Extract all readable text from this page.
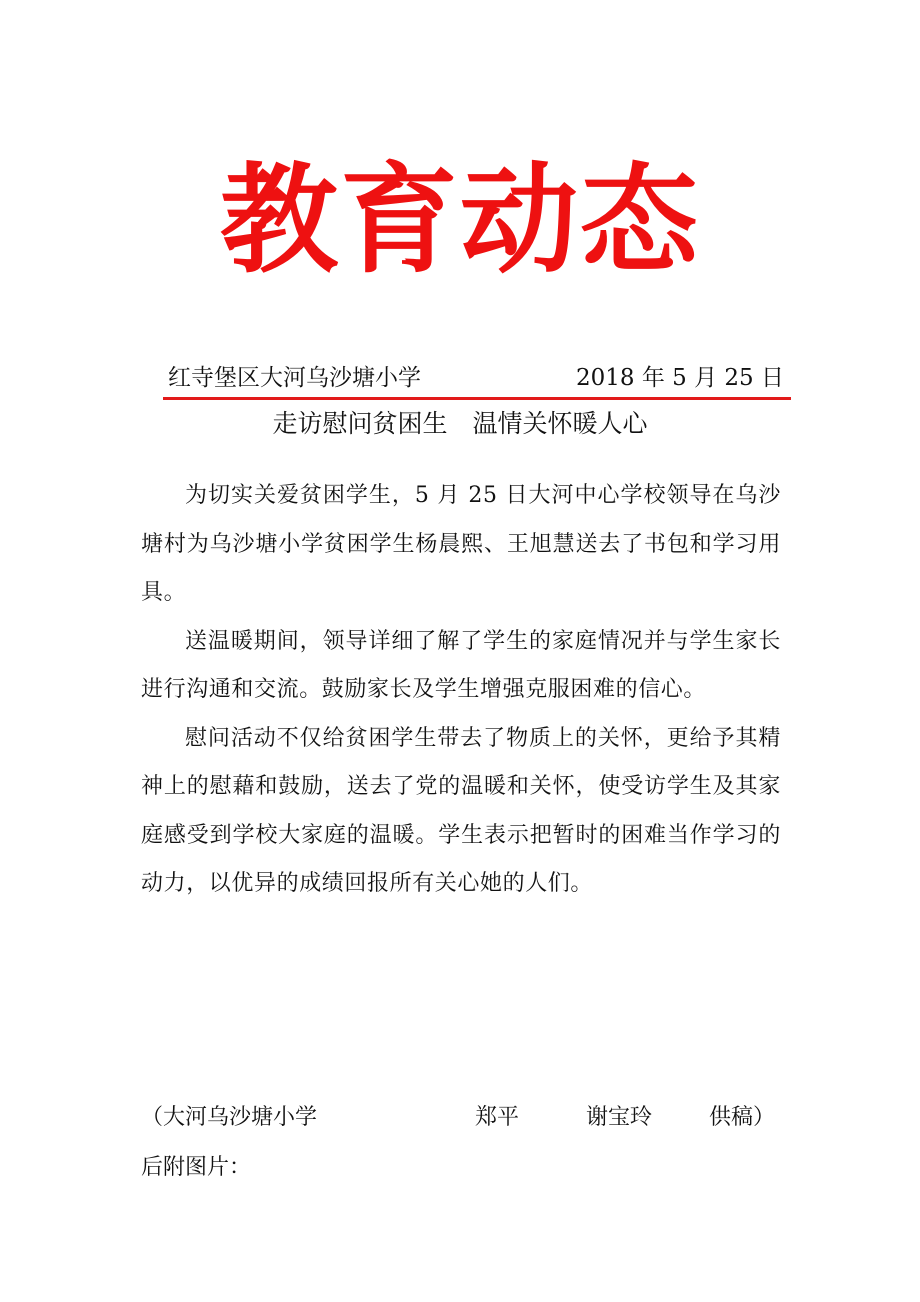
教育动态
红寺堡区大河乌沙塘小学	2018 年 5 月 25 日
走访慰问贫困生　温情关怀暖人心

为切实关爱贫困学生，5 月 25 日大河中心学校领导在乌沙塘村为乌沙塘小学贫困学生杨晨熙、王旭慧送去了书包和学习用具。

送温暖期间，领导详细了解了学生的家庭情况并与学生家长进行沟通和交流。鼓励家长及学生增强克服困难的信心。

慰问活动不仅给贫困学生带去了物质上的关怀，更给予其精神上的慰藉和鼓励，送去了党的温暖和关怀，使受访学生及其家庭感受到学校大家庭的温暖。学生表示把暂时的困难当作学习的动力，以优异的成绩回报所有关心她的人们。

（大河乌沙塘小学	郑平	谢宝玲	供稿）
后附图片：
